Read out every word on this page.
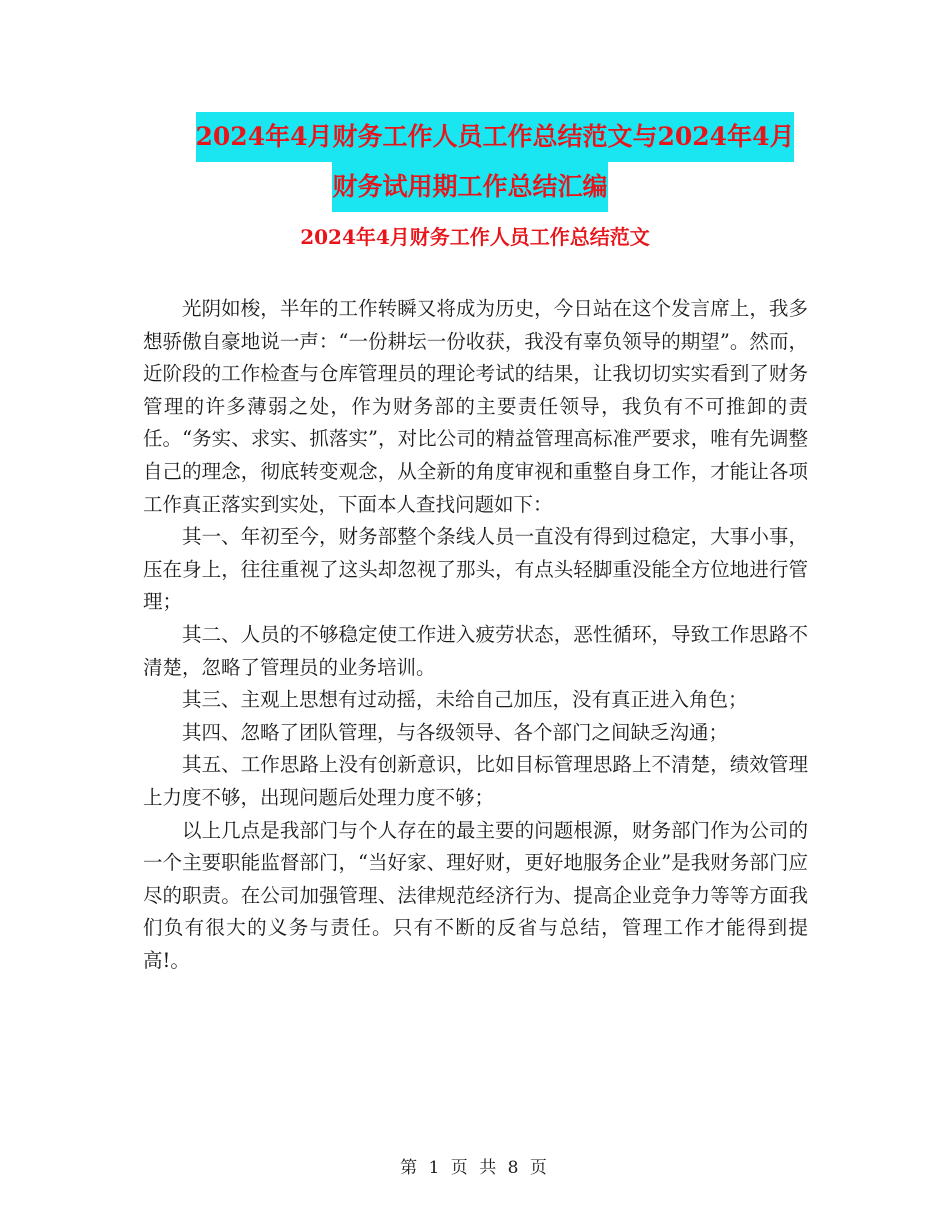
2024年4月财务工作人员工作总结范文与2024年4月
财务试用期工作总结汇编
2024年4月财务工作人员工作总结范文

光阴如梭，半年的工作转瞬又将成为历史，今日站在这个发言席上，我多想骄傲自豪地说一声：“一份耕坛一份收获，我没有辜负领导的期望”。然而，近阶段的工作检查与仓库管理员的理论考试的结果，让我切切实实看到了财务管理的许多薄弱之处，作为财务部的主要责任领导，我负有不可推卸的责任。“务实、求实、抓落实”，对比公司的精益管理高标准严要求，唯有先调整自己的理念，彻底转变观念，从全新的角度审视和重整自身工作，才能让各项工作真正落实到实处，下面本人查找问题如下：

其一、年初至今，财务部整个条线人员一直没有得到过稳定，大事小事，压在身上，往往重视了这头却忽视了那头，有点头轻脚重没能全方位地进行管理；

其二、人员的不够稳定使工作进入疲劳状态，恶性循环，导致工作思路不清楚，忽略了管理员的业务培训。

其三、主观上思想有过动摇，未给自己加压，没有真正进入角色；

其四、忽略了团队管理，与各级领导、各个部门之间缺乏沟通；

其五、工作思路上没有创新意识，比如目标管理思路上不清楚，绩效管理上力度不够，出现问题后处理力度不够；

以上几点是我部门与个人存在的最主要的问题根源，财务部门作为公司的一个主要职能监督部门，“当好家、理好财，更好地服务企业”是我财务部门应尽的职责。在公司加强管理、法律规范经济行为、提高企业竞争力等等方面我们负有很大的义务与责任。只有不断的反省与总结，管理工作才能得到提高!。

第 1 页 共 8 页
